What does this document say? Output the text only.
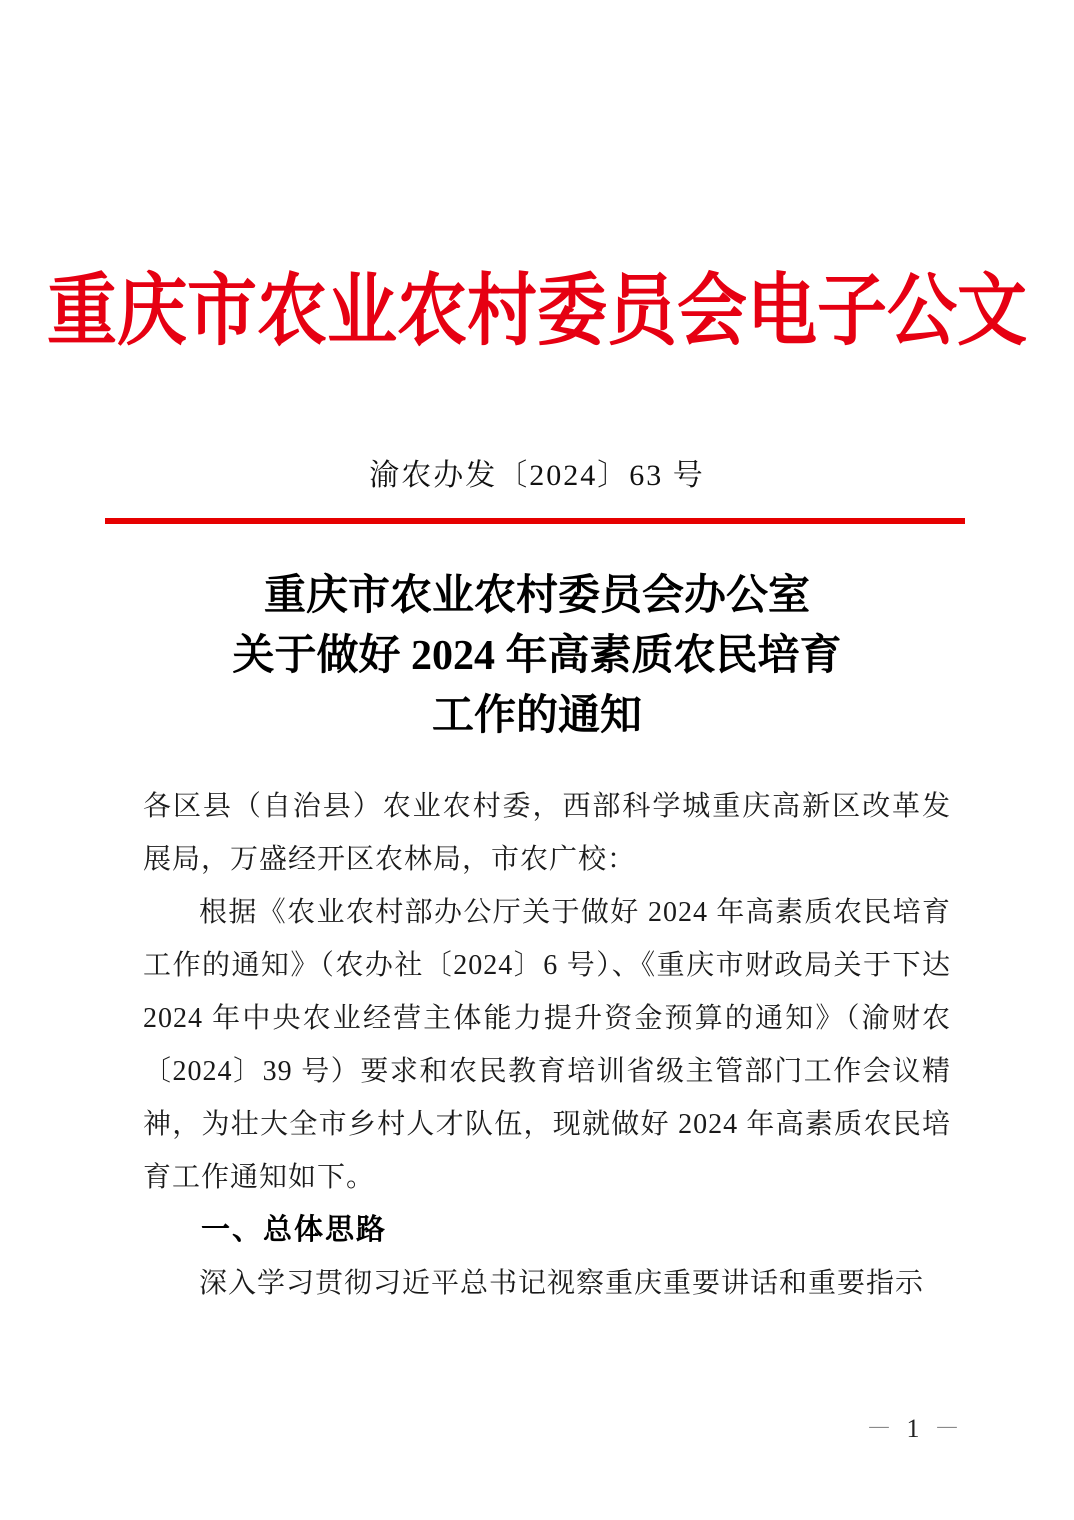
重庆市农业农村委员会电子公文
渝农办发〔2024〕63 号
重庆市农业农村委员会办公室
关于做好 2024 年高素质农民培育
工作的通知

各区县（自治县）农业农村委，西部科学城重庆高新区改革发展局，万盛经开区农林局，市农广校：

根据《农业农村部办公厅关于做好 2024 年高素质农民培育工作的通知》（农办社〔2024〕6 号）、《重庆市财政局关于下达 2024 年中央农业经营主体能力提升资金预算的通知》（渝财农〔2024〕39 号）要求和农民教育培训省级主管部门工作会议精神，为壮大全市乡村人才队伍，现就做好 2024 年高素质农民培育工作通知如下。

一、总体思路

深入学习贯彻习近平总书记视察重庆重要讲话和重要指示

－ 1 －
